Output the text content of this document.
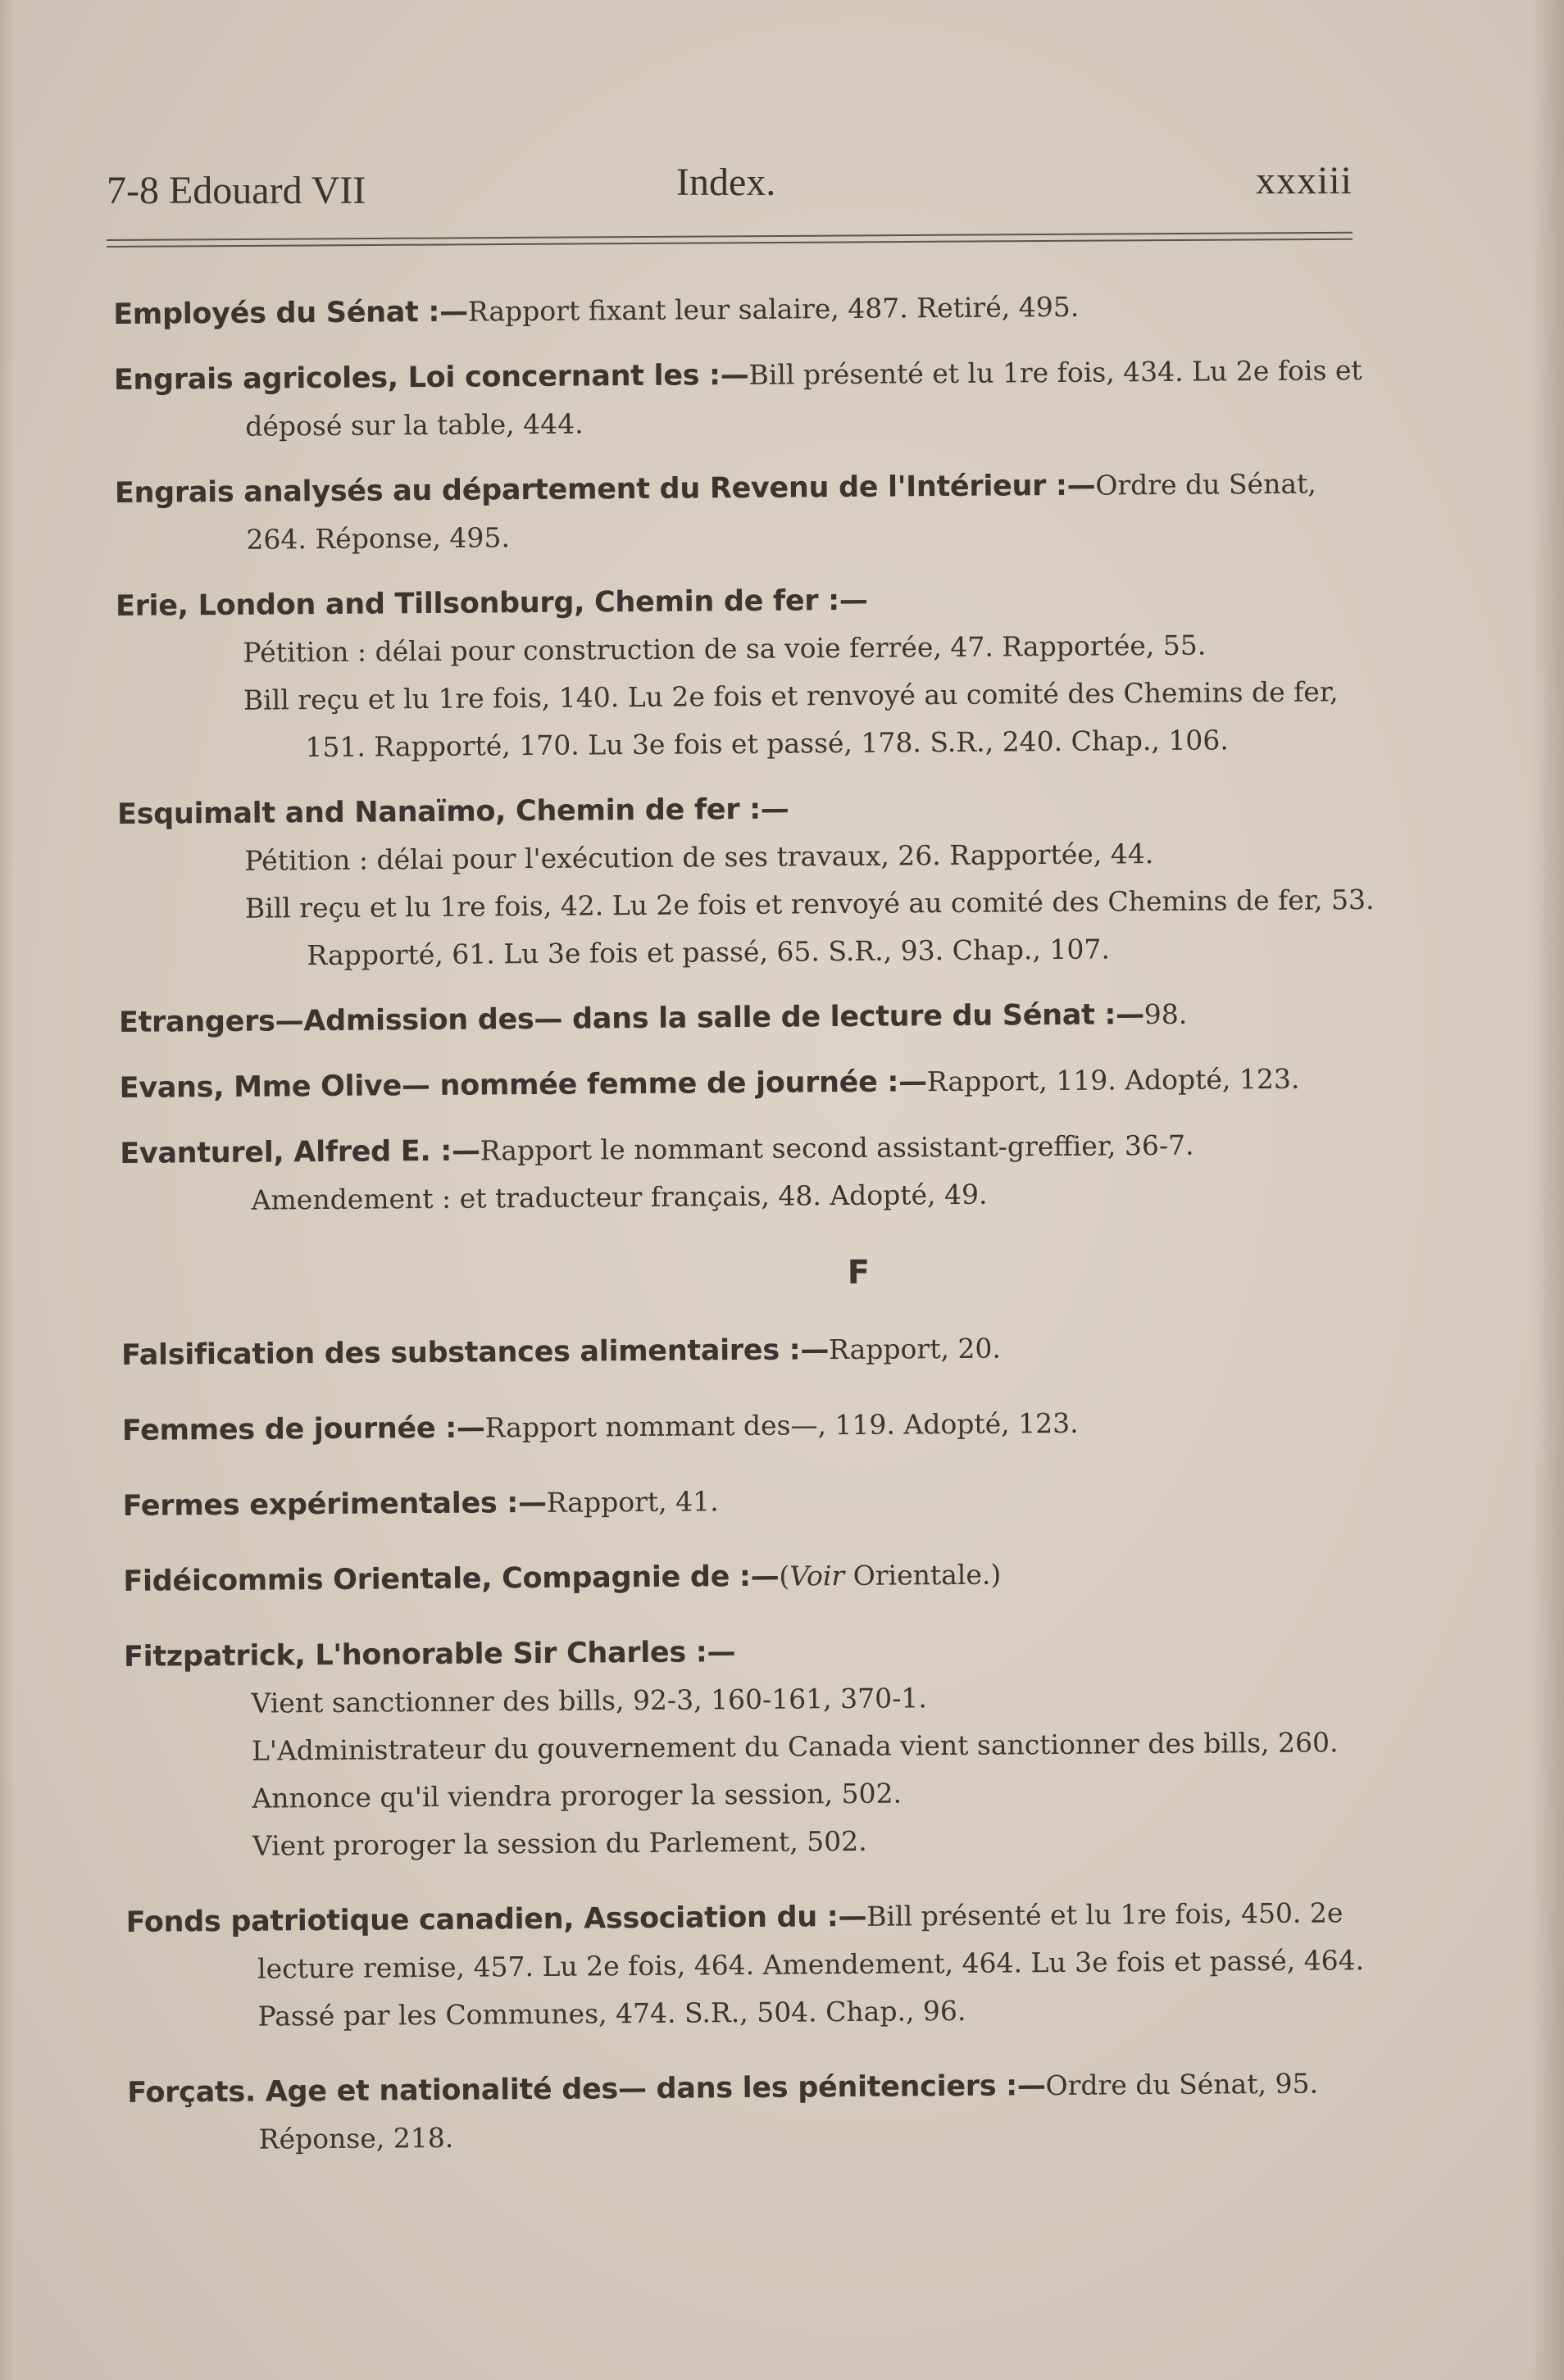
7-8 Edouard VII	Index.	xxxiii

Employés du Sénat :—Rapport fixant leur salaire, 487. Retiré, 495.

Engrais agricoles, Loi concernant les :—Bill présenté et lu 1re fois, 434. Lu 2e fois et déposé sur la table, 444.

Engrais analysés au département du Revenu de l'Intérieur :—Ordre du Sénat, 264. Réponse, 495.

Erie, London and Tillsonburg, Chemin de fer :—

Pétition : délai pour construction de sa voie ferrée, 47. Rapportée, 55.

Bill reçu et lu 1re fois, 140. Lu 2e fois et renvoyé au comité des Chemins de fer, 151. Rapporté, 170. Lu 3e fois et passé, 178. S.R., 240. Chap., 106.

Esquimalt and Nanaïmo, Chemin de fer :—

Pétition : délai pour l'exécution de ses travaux, 26. Rapportée, 44.

Bill reçu et lu 1re fois, 42. Lu 2e fois et renvoyé au comité des Chemins de fer, 53. Rapporté, 61. Lu 3e fois et passé, 65. S.R., 93. Chap., 107.

Etrangers—Admission des— dans la salle de lecture du Sénat :—98.

Evans, Mme Olive— nommée femme de journée :—Rapport, 119. Adopté, 123.

Evanturel, Alfred E. :—Rapport le nommant second assistant-greffier, 36-7. Amendement : et traducteur français, 48. Adopté, 49.

F

Falsification des substances alimentaires :—Rapport, 20.

Femmes de journée :—Rapport nommant des—, 119. Adopté, 123.

Fermes expérimentales :—Rapport, 41.

Fidéicommis Orientale, Compagnie de :—(Voir Orientale.)

Fitzpatrick, L'honorable Sir Charles :—

Vient sanctionner des bills, 92-3, 160-161, 370-1.

L'Administrateur du gouvernement du Canada vient sanctionner des bills, 260.

Annonce qu'il viendra proroger la session, 502.

Vient proroger la session du Parlement, 502.

Fonds patriotique canadien, Association du :—Bill présenté et lu 1re fois, 450. 2e lecture remise, 457. Lu 2e fois, 464. Amendement, 464. Lu 3e fois et passé, 464. Passé par les Communes, 474. S.R., 504. Chap., 96.

Forçats. Age et nationalité des— dans les pénitenciers :—Ordre du Sénat, 95. Réponse, 218.
